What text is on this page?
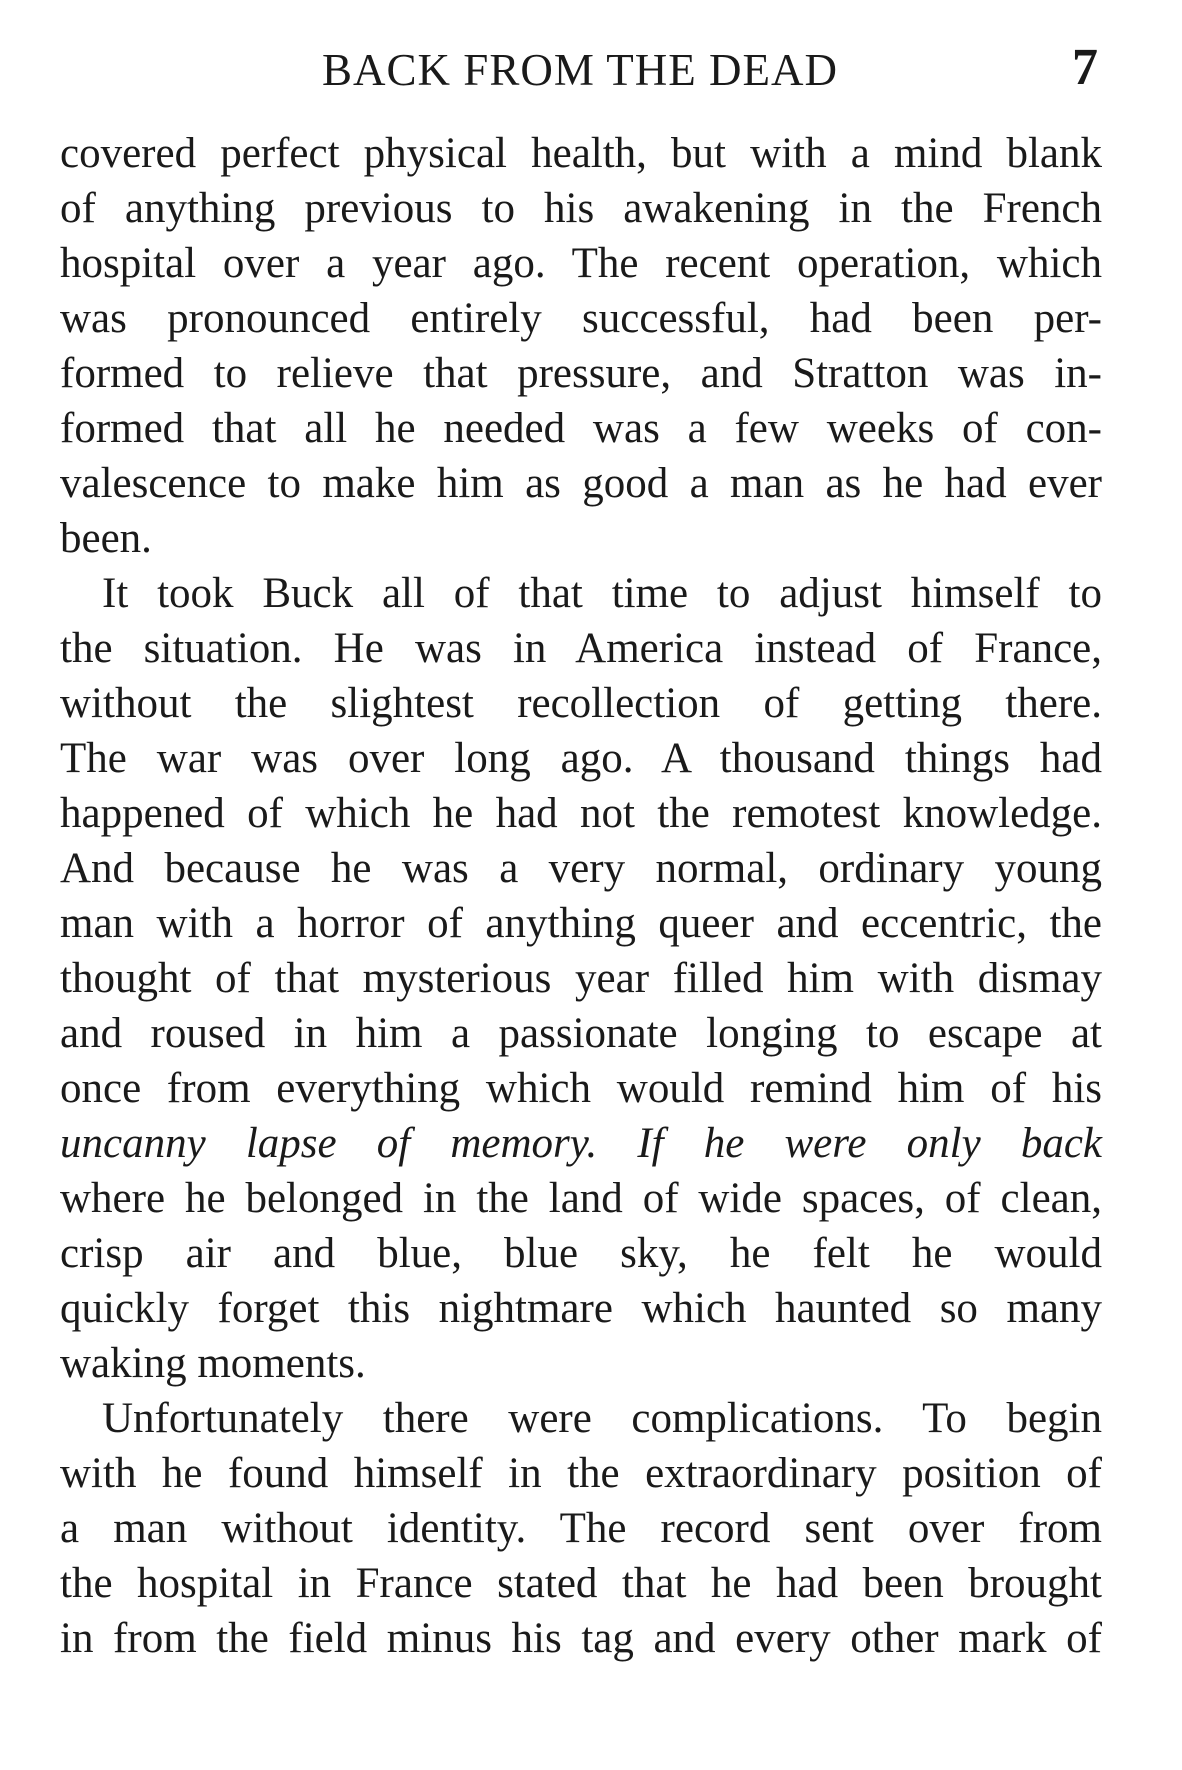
BACK FROM THE DEAD	7
covered perfect physical health, but with a mind blank
of anything previous to his awakening in the French
hospital over a year ago. The recent operation, which
was pronounced entirely successful, had been per-
formed to relieve that pressure, and Stratton was in-
formed that all he needed was a few weeks of con-
valescence to make him as good a man as he had ever
been.
It took Buck all of that time to adjust himself to
the situation. He was in America instead of France,
without the slightest recollection of getting there.
The war was over long ago. A thousand things had
happened of which he had not the remotest knowledge.
And because he was a very normal, ordinary young
man with a horror of anything queer and eccentric, the
thought of that mysterious year filled him with dismay
and roused in him a passionate longing to escape at
once from everything which would remind him of his
uncanny lapse of memory. If he were only back
where he belonged in the land of wide spaces, of clean,
crisp air and blue, blue sky, he felt he would
quickly forget this nightmare which haunted so many
waking moments.
Unfortunately there were complications. To begin
with he found himself in the extraordinary position of
a man without identity. The record sent over from
the hospital in France stated that he had been brought
in from the field minus his tag and every other mark of
